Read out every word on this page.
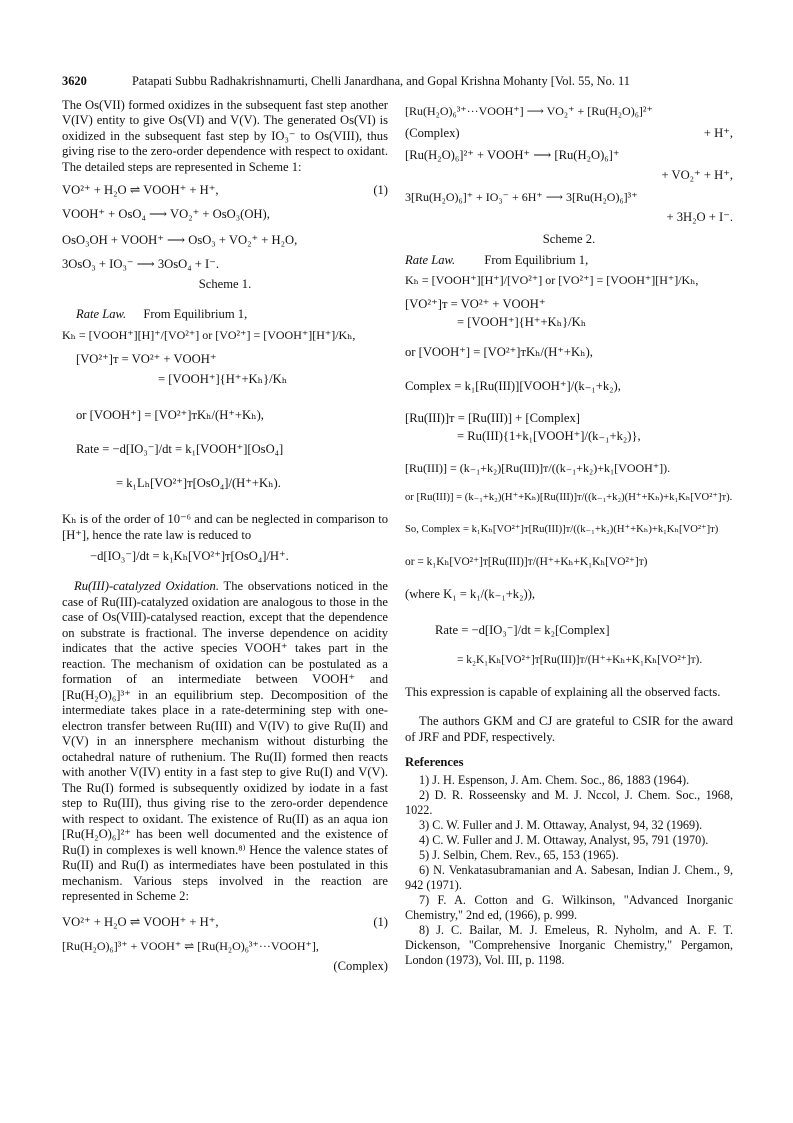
3620	Patapati Subbu Radhakrishnamurti, Chelli Janardhana, and Gopal Krishna Mohanty [Vol. 55, No. 11

The Os(VII) formed oxidizes in the subsequent fast step another V(IV) entity to give Os(VI) and V(V). The generated Os(VI) is oxidized in the subsequent fast step by IO₃⁻ to Os(VIII), thus giving rise to the zero-order dependence with respect to oxidant. The detailed steps are represented in Scheme 1:

VO²⁺ + H₂O ⇌ VOOH⁺ + H⁺,	(1)
VOOH⁺ + OsO₄ ⟶ VO₂⁺ + OsO₃(OH),
OsO₃OH + VOOH⁺ ⟶ OsO₃ + VO₂⁺ + H₂O,
3OsO₃ + IO₃⁻ ⟶ 3OsO₄ + I⁻.
Scheme 1.
Rate Law. From Equilibrium 1,
Kₕ = [VOOH⁺][H]⁺/[VO²⁺] or [VO²⁺] = [VOOH⁺][H⁺]/Kₕ,
[VO²⁺]ᴛ = VO²⁺ + VOOH⁺
= [VOOH⁺]{H⁺+Kₕ}/Kₕ
or [VOOH⁺] = [VO²⁺]ᴛKₕ/(H⁺+Kₕ),
Rate = −d[IO₃⁻]/dt = k₁[VOOH⁺][OsO₄]
= k₁Lₕ[VO²⁺]ᴛ[OsO₄]/(H⁺+Kₕ).

Kₕ is of the order of 10⁻⁶ and can be neglected in comparison to [H⁺], hence the rate law is reduced to

−d[IO₃⁻]/dt = k₁Kₕ[VO²⁺]ᴛ[OsO₄]/H⁺.

Ru(III)-catalyzed Oxidation. The observations noticed in the case of Ru(III)-catalyzed oxidation are analogous to those in the case of Os(VIII)-catalysed reaction, except that the dependence on substrate is fractional. The inverse dependence on acidity indicates that the active species VOOH⁺ takes part in the reaction. The mechanism of oxidation can be postulated as a formation of an intermediate between VOOH⁺ and [Ru(H₂O)₆]³⁺ in an equilibrium step. Decomposition of the intermediate takes place in a rate-determining step with one-electron transfer between Ru(III) and V(IV) to give Ru(II) and V(V) in an innersphere mechanism without disturbing the octahedral nature of ruthenium. The Ru(II) formed then reacts with another V(IV) entity in a fast step to give Ru(I) and V(V). The Ru(I) formed is subsequently oxidized by iodate in a fast step to Ru(III), thus giving rise to the zero-order dependence with respect to oxidant. The existence of Ru(II) as an aqua ion [Ru(H₂O)₆]²⁺ has been well documented and the existence of Ru(I) in complexes is well known.⁸⁾ Hence the valence states of Ru(II) and Ru(I) as intermediates have been postulated in this mechanism. Various steps involved in the reaction are represented in Scheme 2:

VO²⁺ + H₂O ⇌ VOOH⁺ + H⁺,	(1)
[Ru(H₂O)₆]³⁺ + VOOH⁺ ⇌ [Ru(H₂O)₆³⁺···VOOH⁺],
(Complex)
[Ru(H₂O)₆³⁺···VOOH⁺] ⟶ VO₂⁺ + [Ru(H₂O)₆]²⁺
(Complex)	+ H⁺,
[Ru(H₂O)₆]²⁺ + VOOH⁺ ⟶ [Ru(H₂O)₆]⁺
+ VO₂⁺ + H⁺,
3[Ru(H₂O)₆]⁺ + IO₃⁻ + 6H⁺ ⟶ 3[Ru(H₂O)₆]³⁺
+ 3H₂O + I⁻.
Scheme 2.
Rate Law. From Equilibrium 1,
Kₕ = [VOOH⁺][H⁺]/[VO²⁺] or [VO²⁺] = [VOOH⁺][H⁺]/Kₕ,
[VO²⁺]ᴛ = VO²⁺ + VOOH⁺
= [VOOH⁺]{H⁺+Kₕ}/Kₕ
or [VOOH⁺] = [VO²⁺]ᴛKₕ/(H⁺+Kₕ),
Complex = k₁[Ru(III)][VOOH⁺]/(k₋₁+k₂),
[Ru(III)]ᴛ = [Ru(III)] + [Complex]
= Ru(III){1+k₁[VOOH⁺]/(k₋₁+k₂)},
[Ru(III)] = (k₋₁+k₂)[Ru(III)]ᴛ/((k₋₁+k₂)+k₁[VOOH⁺]).
or [Ru(III)] = (k₋₁+k₂)(H⁺+Kₕ)[Ru(III)]ᴛ/((k₋₁+k₂)(H⁺+Kₕ)+k₁Kₕ[VO²⁺]ᴛ).
So, Complex = k₁Kₕ[VO²⁺]ᴛ[Ru(III)]ᴛ/((k₋₁+k₂)(H⁺+Kₕ)+k₁Kₕ[VO²⁺]ᴛ)
or = k₁Kₕ[VO²⁺]ᴛ[Ru(III)]ᴛ/(H⁺+Kₕ+K₁Kₕ[VO²⁺]ᴛ)
(where K₁ = k₁/(k₋₁+k₂)),
Rate = −d[IO₃⁻]/dt = k₂[Complex]
= k₂K₁Kₕ[VO²⁺]ᴛ[Ru(III)]ᴛ/(H⁺+Kₕ+K₁Kₕ[VO²⁺]ᴛ).

This expression is capable of explaining all the observed facts.

The authors GKM and CJ are grateful to CSIR for the award of JRF and PDF, respectively.

References

1) J. H. Espenson, J. Am. Chem. Soc., 86, 1883 (1964).

2) D. R. Rosseensky and M. J. Nccol, J. Chem. Soc., 1968, 1022.

3) C. W. Fuller and J. M. Ottaway, Analyst, 94, 32 (1969).

4) C. W. Fuller and J. M. Ottaway, Analyst, 95, 791 (1970).

5) J. Selbin, Chem. Rev., 65, 153 (1965).

6) N. Venkatasubramanian and A. Sabesan, Indian J. Chem., 9, 942 (1971).

7) F. A. Cotton and G. Wilkinson, "Advanced Inorganic Chemistry," 2nd ed, (1966), p. 999.

8) J. C. Bailar, M. J. Emeleus, R. Nyholm, and A. F. T. Dickenson, "Comprehensive Inorganic Chemistry," Pergamon, London (1973), Vol. III, p. 1198.
